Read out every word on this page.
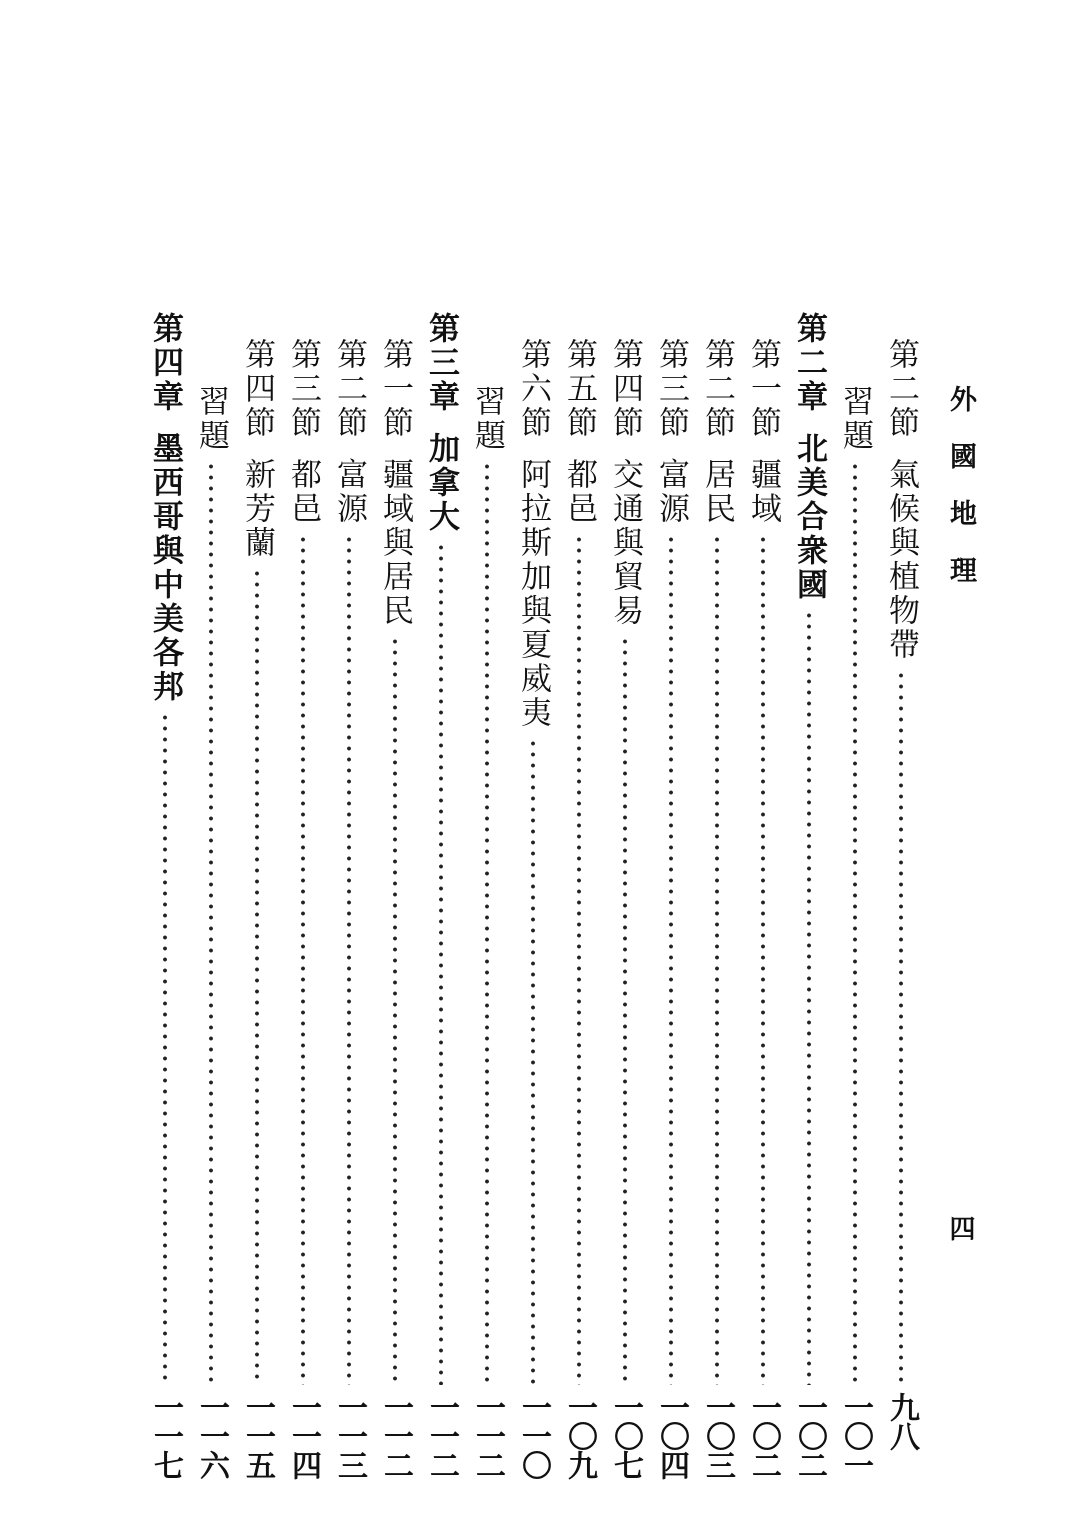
外國地理
四
第二節氣候與植物帶
九八
習題
一〇一
第二章北美合衆國
一〇二
第一節疆域
一〇二
第二節居民
一〇三
第三節富源
一〇四
第四節交通與貿易
一〇七
第五節都邑
一〇九
第六節阿拉斯加與夏威夷
一一〇
習題
一一二
第三章加拿大
一一二
第一節疆域與居民
一一二
第二節富源
一一三
第三節都邑
一一四
第四節新芳蘭
一一五
習題
一一六
第四章墨西哥與中美各邦
一一七
